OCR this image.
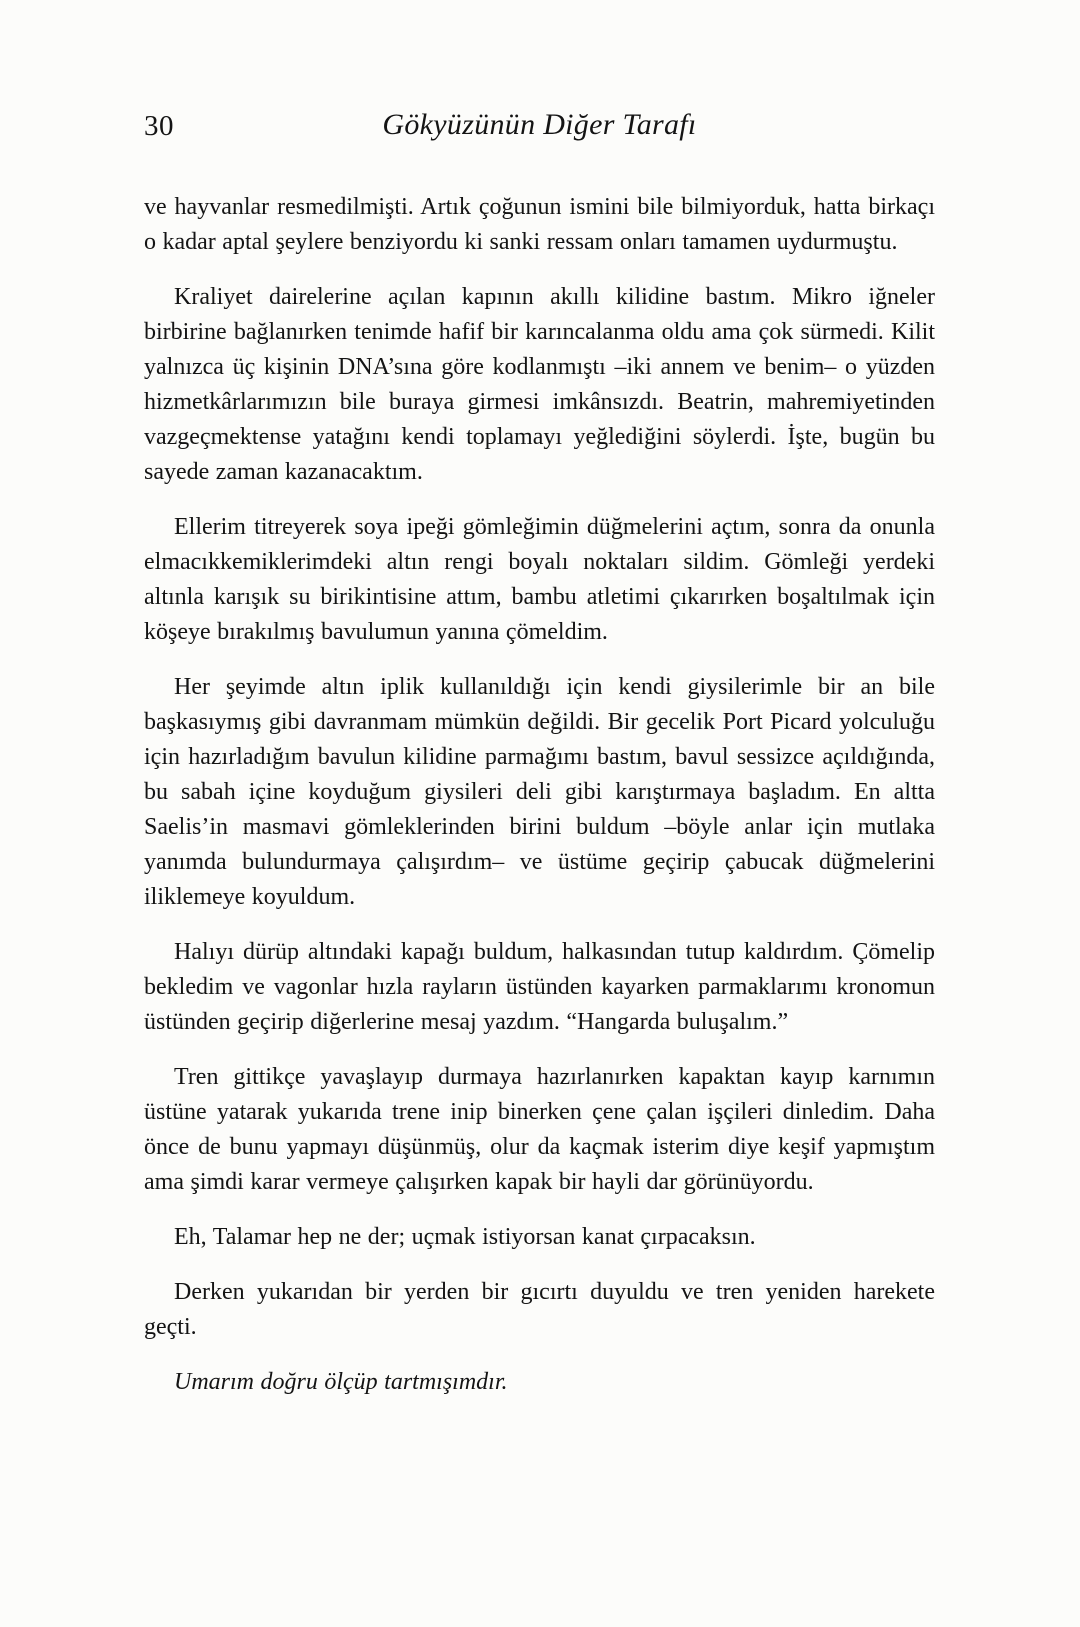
30	Gökyüzünün Diğer Tarafı

ve hayvanlar resmedilmişti. Artık çoğunun ismini bile bilmiyorduk, hatta birkaçı o kadar aptal şeylere benziyordu ki sanki ressam onları tamamen uydurmuştu.

Kraliyet dairelerine açılan kapının akıllı kilidine bastım. Mikro iğneler birbirine bağlanırken tenimde hafif bir karıncalanma oldu ama çok sürmedi. Kilit yalnızca üç kişinin DNA’sına göre kodlanmıştı –iki annem ve benim– o yüzden hizmetkârlarımızın bile buraya girmesi imkânsızdı. Beatrin, mahremiyetinden vazgeçmektense yatağını kendi toplamayı yeğlediğini söylerdi. İşte, bugün bu sayede zaman kazanacaktım.

Ellerim titreyerek soya ipeği gömleğimin düğmelerini açtım, sonra da onunla elmacıkkemiklerimdeki altın rengi boyalı noktaları sildim. Gömleği yerdeki altınla karışık su birikintisine attım, bambu atletimi çıkarırken boşaltılmak için köşeye bırakılmış bavulumun yanına çömeldim.

Her şeyimde altın iplik kullanıldığı için kendi giysilerimle bir an bile başkasıymış gibi davranmam mümkün değildi. Bir gecelik Port Picard yolculuğu için hazırladığım bavulun kilidine parmağımı bastım, bavul sessizce açıldığında, bu sabah içine koyduğum giysileri deli gibi karıştırmaya başladım. En altta Saelis’in masmavi gömleklerinden birini buldum –böyle anlar için mutlaka yanımda bulundurmaya çalışırdım– ve üstüme geçirip çabucak düğmelerini iliklemeye koyuldum.

Halıyı dürüp altındaki kapağı buldum, halkasından tutup kaldırdım. Çömelip bekledim ve vagonlar hızla rayların üstünden kayarken parmaklarımı kronomun üstünden geçirip diğerlerine mesaj yazdım. “Hangarda buluşalım.”

Tren gittikçe yavaşlayıp durmaya hazırlanırken kapaktan kayıp karnımın üstüne yatarak yukarıda trene inip binerken çene çalan işçileri dinledim. Daha önce de bunu yapmayı düşünmüş, olur da kaçmak isterim diye keşif yapmıştım ama şimdi karar vermeye çalışırken kapak bir hayli dar görünüyordu.

Eh, Talamar hep ne der; uçmak istiyorsan kanat çırpacaksın.

Derken yukarıdan bir yerden bir gıcırtı duyuldu ve tren yeniden harekete geçti.

Umarım doğru ölçüp tartmışımdır.
